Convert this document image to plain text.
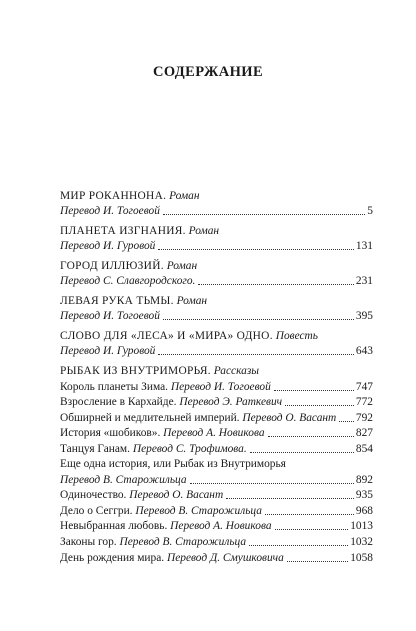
СОДЕРЖАНИЕ
МИР РОКАННОНА. Роман
Перевод И. Тогоевой	5
ПЛАНЕТА ИЗГНАНИЯ. Роман
Перевод И. Гуровой	131
ГОРОД ИЛЛЮЗИЙ. Роман
Перевод С. Славгородского.	231
ЛЕВАЯ РУКА ТЬМЫ. Роман
Перевод И. Тогоевой	395
СЛОВО ДЛЯ «ЛЕСА» И «МИРА» ОДНО. Повесть
Перевод И. Гуровой	643
РЫБАК ИЗ ВНУТРИМОРЬЯ. Рассказы
Король планеты Зима.
Перевод И. Тогоевой	747
Взросление в Кархайде.
Перевод Э. Раткевич	772
Обширней и медлительней империй.
Перевод О. Васант 792
История «шобиков».
Перевод А. Новикова	827
Танцуя Ганам.
Перевод С. Трофимова.	854
Еще одна история, или Рыбак из Внутриморья
Перевод В. Старожильца	892
Одиночество.
Перевод О. Васант	935
Дело о Сеггри.
Перевод В. Старожильца	968
Невыбранная любовь.
Перевод А. Новикова	1013
Законы гор.
Перевод В. Старожильца	1032
День рождения мира.
Перевод Д. Смушковича	1058
